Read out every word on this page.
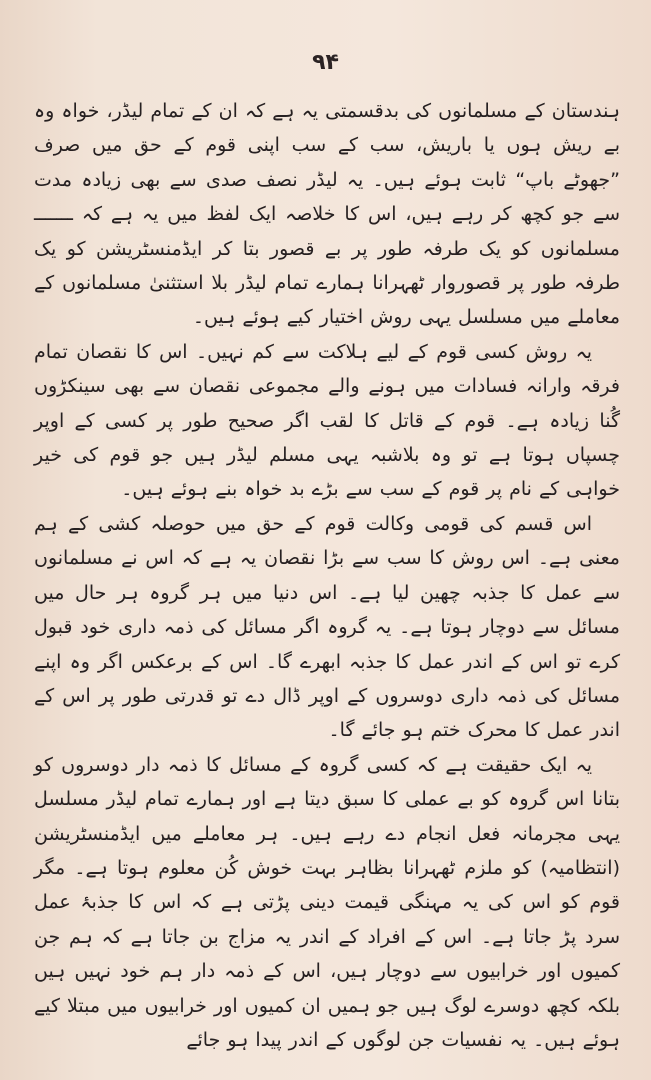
۹۴

ہندستان کے مسلمانوں کی بدقسمتی یہ ہے کہ ان کے تمام لیڈر، خواہ وہ بے ریش ہوں یا باریش، سب کے سب اپنی قوم کے حق میں صرف ”جھوٹے باپ“ ثابت ہوئے ہیں۔ یہ لیڈر نصف صدی سے بھی زیادہ مدت سے جو کچھ کر رہے ہیں، اس کا خلاصہ ایک لفظ میں یہ ہے کہ ـــــــ مسلمانوں کو یک طرفہ طور پر بے قصور بتا کر ایڈمنسٹریشن کو یک طرفہ طور پر قصوروار ٹھہرانا ہمارے تمام لیڈر بلا استثنیٰ مسلمانوں کے معاملے میں مسلسل یہی روش اختیار کیے ہوئے ہیں۔

یہ روش کسی قوم کے لیے ہلاکت سے کم نہیں۔ اس کا نقصان تمام فرقہ وارانہ فسادات میں ہونے والے مجموعی نقصان سے بھی سینکڑوں گُنا زیادہ ہے۔ قوم کے قاتل کا لقب اگر صحیح طور پر کسی کے اوپر چسپاں ہوتا ہے تو وہ بلاشبہ یہی مسلم لیڈر ہیں جو قوم کی خیر خواہی کے نام پر قوم کے سب سے بڑے بد خواہ بنے ہوئے ہیں۔

اس قسم کی قومی وکالت قوم کے حق میں حوصلہ کشی کے ہم معنی ہے۔ اس روش کا سب سے بڑا نقصان یہ ہے کہ اس نے مسلمانوں سے عمل کا جذبہ چھین لیا ہے۔ اس دنیا میں ہر گروہ ہر حال میں مسائل سے دوچار ہوتا ہے۔ یہ گروہ اگر مسائل کی ذمہ داری خود قبول کرے تو اس کے اندر عمل کا جذبہ ابھرے گا۔ اس کے برعکس اگر وہ اپنے مسائل کی ذمہ داری دوسروں کے اوپر ڈال دے تو قدرتی طور پر اس کے اندر عمل کا محرک ختم ہو جائے گا۔

یہ ایک حقیقت ہے کہ کسی گروہ کے مسائل کا ذمہ دار دوسروں کو بتانا اس گروہ کو بے عملی کا سبق دیتا ہے اور ہمارے تمام لیڈر مسلسل یہی مجرمانہ فعل انجام دے رہے ہیں۔ ہر معاملے میں ایڈمنسٹریشن (انتظامیہ) کو ملزم ٹھہرانا بظاہر بہت خوش کُن معلوم ہوتا ہے۔ مگر قوم کو اس کی یہ مہنگی قیمت دینی پڑتی ہے کہ اس کا جذبۂ عمل سرد پڑ جاتا ہے۔ اس کے افراد کے اندر یہ مزاج بن جاتا ہے کہ ہم جن کمیوں اور خرابیوں سے دوچار ہیں، اس کے ذمہ دار ہم خود نہیں ہیں بلکہ کچھ دوسرے لوگ ہیں جو ہمیں ان کمیوں اور خرابیوں میں مبتلا کیے ہوئے ہیں۔ یہ نفسیات جن لوگوں کے اندر پیدا ہو جائے
